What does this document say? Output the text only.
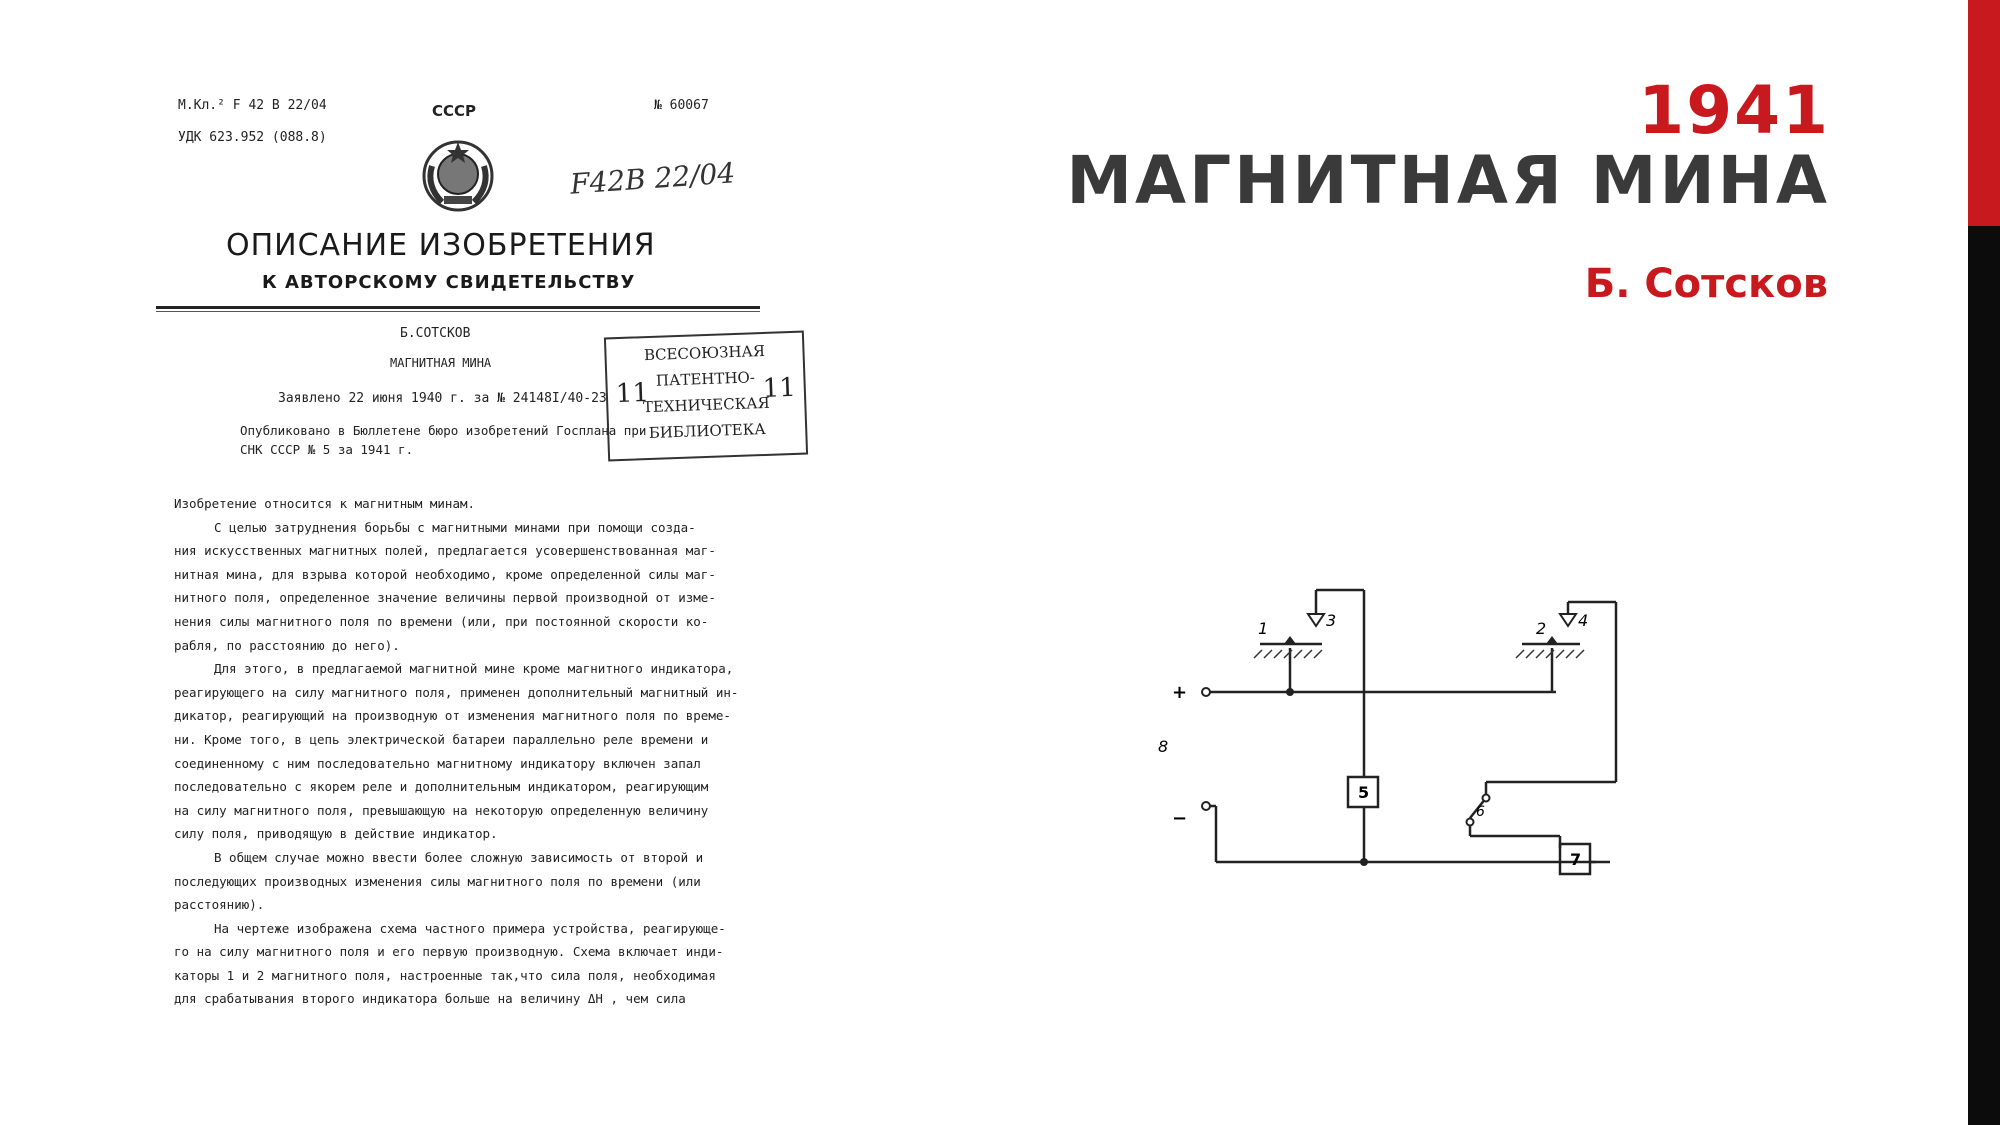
1941
МАГНИТНАЯ МИНА
Б. Сотсков
М.Кл.² F 42 B 22/04
УДК 623.952 (088.8)
СССР	№ 60067
F42B 22/04
ОПИСАНИЕ ИЗОБРЕТЕНИЯ
К АВТОРСКОМУ СВИДЕТЕЛЬСТВУ
Б.СОТСКОВ
МАГНИТНАЯ МИНА
Заявлено 22 июня 1940 г. за № 24148I/40-23
Опубликовано в Бюллетене бюро изобретений Госплана при
СНК СССР № 5 за 1941 г.
ВСЕСОЮЗНАЯ
ПАТЕНТНО-
ТЕХНИЧЕСКАЯ
БИБЛИОТЕКА
11	11

Изобретение относится к магнитным минам.

С целью затруднения борьбы с магнитными минами при помощи созда-

ния искусственных магнитных полей, предлагается усовершенствованная маг-

нитная мина, для взрыва которой необходимо, кроме определенной силы маг-

нитного поля, определенное значение величины первой производной от изме-

нения силы магнитного поля по времени (или, при постоянной скорости ко-

рабля, по расстоянию до него).

Для этого, в предлагаемой магнитной мине кроме магнитного индикатора,

реагирующего на силу магнитного поля, применен дополнительный магнитный ин-

дикатор, реагирующий на производную от изменения магнитного поля по време-

ни. Кроме того, в цепь электрической батареи параллельно реле времени и

соединенному с ним последовательно магнитному индикатору включен запал

последовательно с якорем реле и дополнительным индикатором, реагирующим

на силу магнитного поля, превышающую на некоторую определенную величину

силу поля, приводящую в действие индикатор.

В общем случае можно ввести более сложную зависимость от второй и

последующих производных изменения силы магнитного поля по времени (или

расстоянию).

На чертеже изображена схема частного примера устройства, реагирующе-

го на силу магнитного поля и его первую производную. Схема включает инди-

каторы 1 и 2 магнитного поля, настроенные так,что сила поля, необходимая

для срабатывания второго индикатора больше на величину ΔН , чем сила

1	2
3	4
5
6
7
8
+
−
